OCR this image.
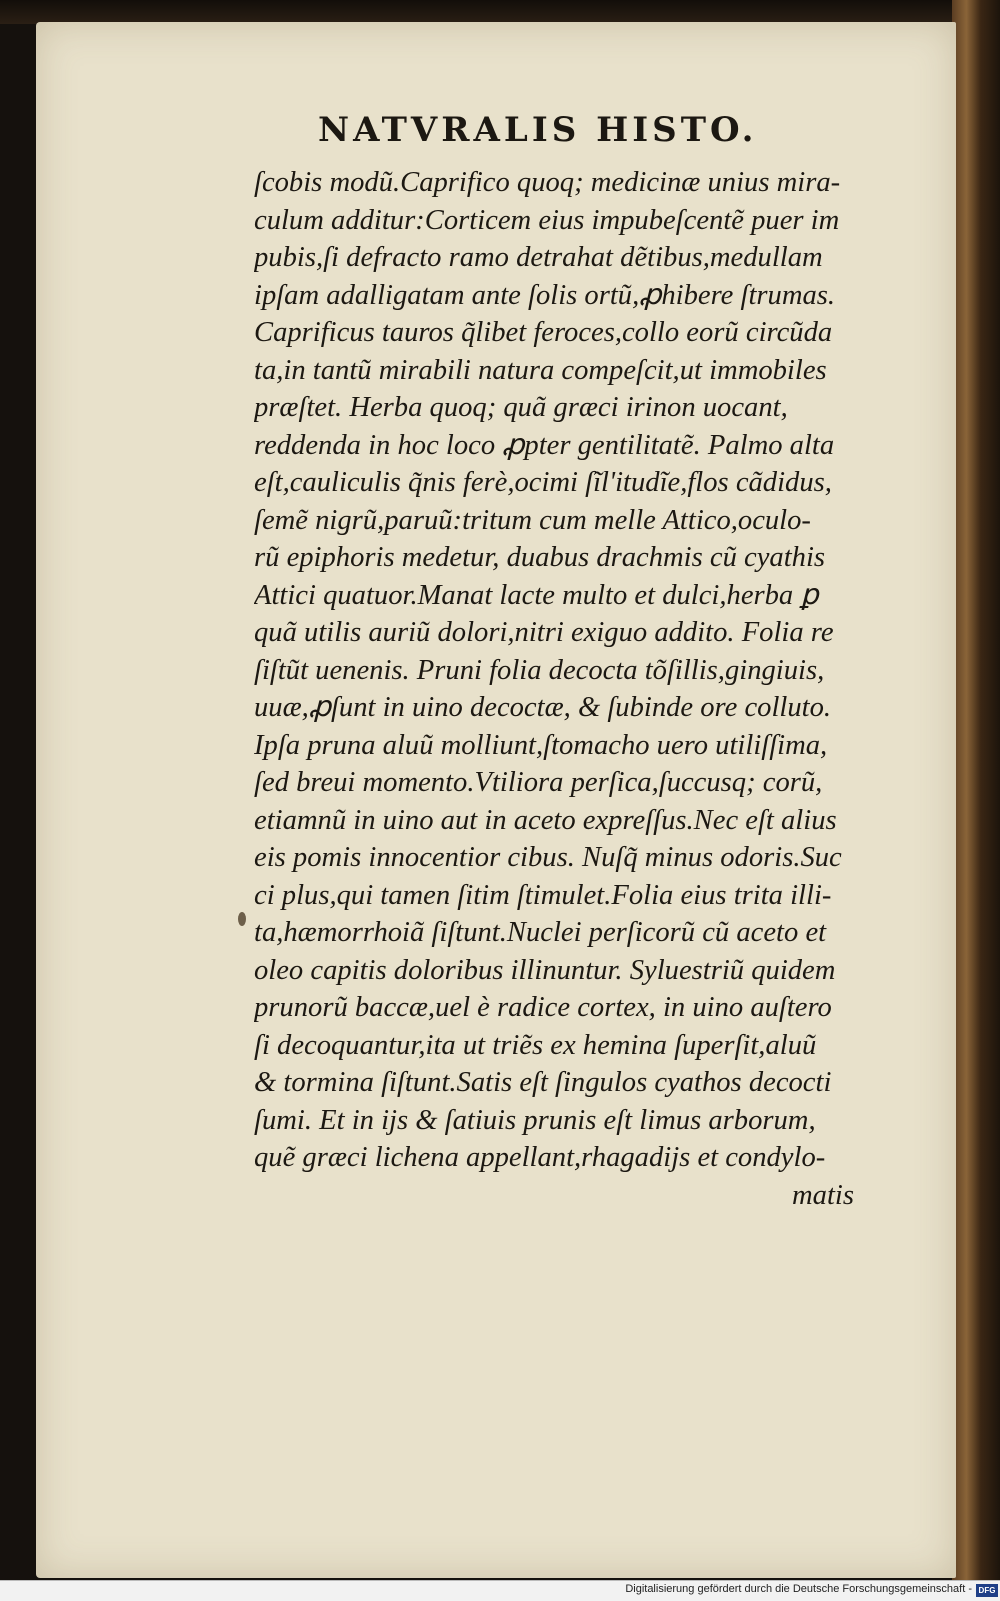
NATVRALIS HISTO.
ſcobis modũ.Caprifico quoq; medicinæ unius mira-
culum additur:Corticem eius impubeſcentẽ puer im
pubis,ſi defracto ramo detrahat dẽtibus,medullam
ipſam adalligatam ante ſolis ortũ,ꝓhibere ſtrumas.
Caprificus tauros q̃libet feroces,collo eorũ circũda
ta,in tantũ mirabili natura compeſcit,ut immobiles
præſtet. Herba quoq; quã græci irinon uocant,
reddenda in hoc loco ꝓpter gentilitatẽ. Palmo alta
eſt,cauliculis q̃nis ferè,ocimi ſĩl'itudĩe,flos cãdidus,
ſemẽ nigrũ,paruũ:tritum cum melle Attico,oculo-
rũ epiphoris medetur, duabus drachmis cũ cyathis
Attici quatuor.Manat lacte multo et dulci,herba ꝑ
quã utilis auriũ dolori,nitri exiguo addito. Folia re
ſiſtũt uenenis. Pruni folia decocta tõſillis,gingiuis,
uuæ,ꝓſunt in uino decoctæ, & ſubinde ore colluto.
Ipſa pruna aluũ molliunt,ſtomacho uero utiliſſima,
ſed breui momento.Vtiliora perſica,ſuccusq; corũ,
etiamnũ in uino aut in aceto expreſſus.Nec eſt alius
eis pomis innocentior cibus. Nuſq̃ minus odoris.Suc
ci plus,qui tamen ſitim ſtimulet.Folia eius trita illi-
ta,hæmorrhoiã ſiſtunt.Nuclei perſicorũ cũ aceto et
oleo capitis doloribus illinuntur. Syluestriũ quidem
prunorũ baccæ,uel è radice cortex, in uino auſtero
ſi decoquantur,ita ut triẽs ex hemina ſuperſit,aluũ
& tormina ſiſtunt.Satis eſt ſingulos cyathos decocti
ſumi. Et in ijs & ſatiuis prunis eſt limus arborum,
quẽ græci lichena appellant,rhagadijs et condylo-
matis
Digitalisierung gefördert durch die Deutsche Forschungsgemeinschaft - DFG
